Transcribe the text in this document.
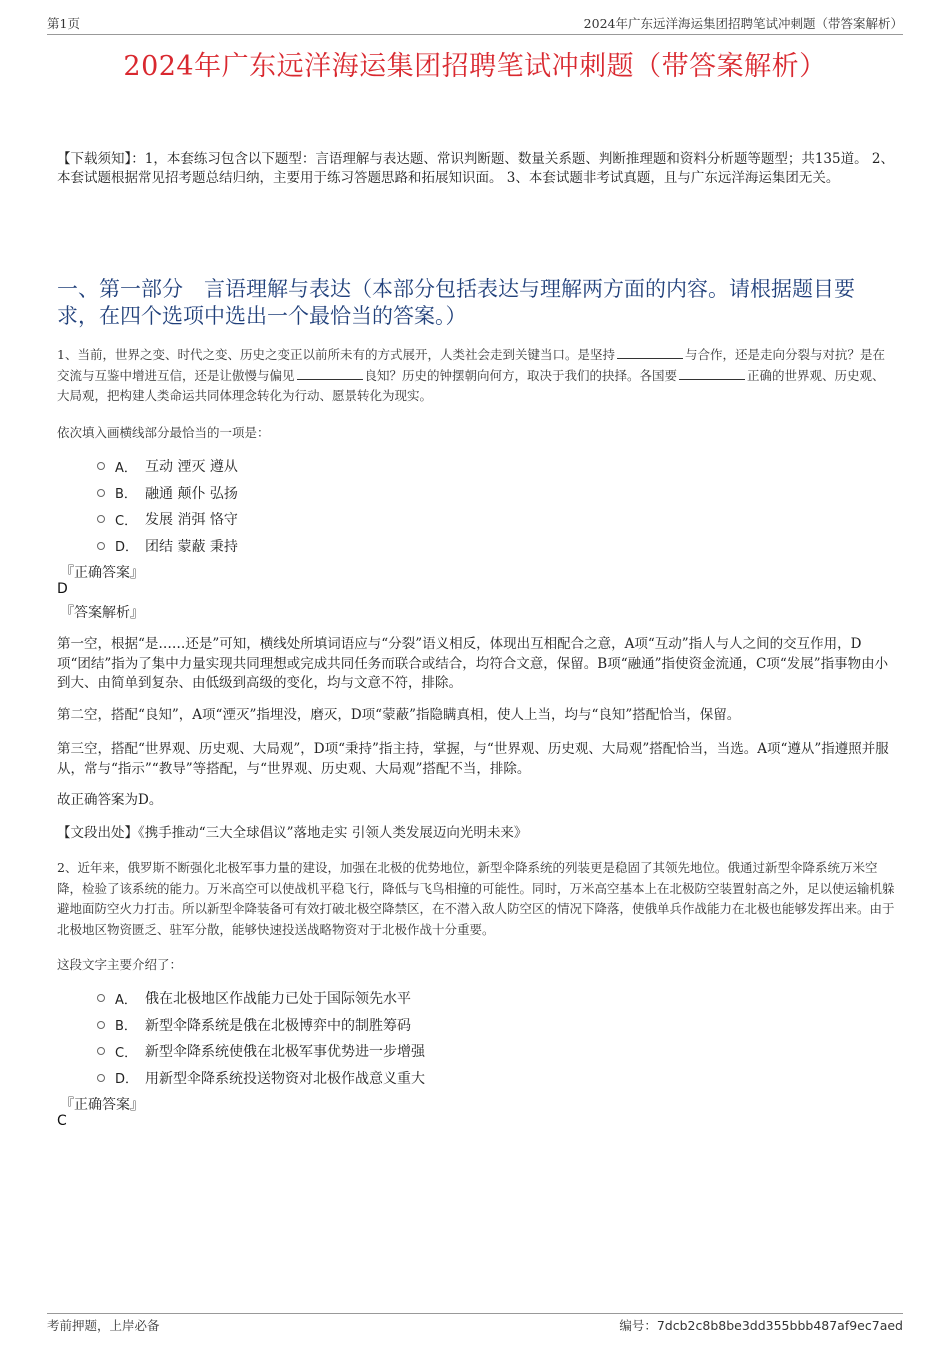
第1页	2024年广东远洋海运集团招聘笔试冲刺题（带答案解析）
2024年广东远洋海运集团招聘笔试冲刺题（带答案解析）
【下载须知】：1，本套练习包含以下题型：言语理解与表达题、常识判断题、数量关系题、判断推理题和资料分析题等题型；共135道。 2、本套试题根据常见招考题总结归纳，主要用于练习答题思路和拓展知识面。 3、本套试题非考试真题，且与广东远洋海运集团无关。
一、第一部分　言语理解与表达（本部分包括表达与理解两方面的内容。请根据题目要求，在四个选项中选出一个最恰当的答案。）
1、当前，世界之变、时代之变、历史之变正以前所未有的方式展开，人类社会走到关键当口。是坚持	与合作，还是走向分裂与对抗？是在交流与互鉴中增进互信，还是让傲慢与偏见	良知？历史的钟摆朝向何方，取决于我们的抉择。各国要	正确的世界观、历史观、大局观，把构建人类命运共同体理念转化为行动、愿景转化为现实。
依次填入画横线部分最恰当的一项是：
A． 互动 湮灭 遵从
B． 融通 颠仆 弘扬
C． 发展 消弭 恪守
D． 团结 蒙蔽 秉持
『正确答案』
D
『答案解析』
第一空，根据“是……还是”可知，横线处所填词语应与“分裂”语义相反，体现出互相配合之意，A项“互动”指人与人之间的交互作用，D项“团结”指为了集中力量实现共同理想或完成共同任务而联合或结合，均符合文意，保留。B项“融通”指使资金流通，C项“发展”指事物由小到大、由简单到复杂、由低级到高级的变化，均与文意不符，排除。
第二空，搭配“良知”，A项“湮灭”指埋没，磨灭，D项“蒙蔽”指隐瞒真相，使人上当，均与“良知”搭配恰当，保留。
第三空，搭配“世界观、历史观、大局观”，D项“秉持”指主持，掌握，与“世界观、历史观、大局观”搭配恰当，当选。A项“遵从”指遵照并服从，常与“指示”“教导”等搭配，与“世界观、历史观、大局观”搭配不当，排除。
故正确答案为D。
【文段出处】《携手推动“三大全球倡议”落地走实 引领人类发展迈向光明未来》
2、近年来，俄罗斯不断强化北极军事力量的建设，加强在北极的优势地位，新型伞降系统的列装更是稳固了其领先地位。俄通过新型伞降系统万米空降，检验了该系统的能力。万米高空可以使战机平稳飞行，降低与飞鸟相撞的可能性。同时，万米高空基本上在北极防空装置射高之外，足以使运输机躲避地面防空火力打击。所以新型伞降装备可有效打破北极空降禁区，在不潜入敌人防空区的情况下降落，使俄单兵作战能力在北极也能够发挥出来。由于北极地区物资匮乏、驻军分散，能够快速投送战略物资对于北极作战十分重要。
这段文字主要介绍了：
A． 俄在北极地区作战能力已处于国际领先水平
B． 新型伞降系统是俄在北极博弈中的制胜筹码
C． 新型伞降系统使俄在北极军事优势进一步增强
D． 用新型伞降系统投送物资对北极作战意义重大
『正确答案』
C
考前押题，上岸必备	编号：7dcb2c8b8be3dd355bbb487af9ec7aed
